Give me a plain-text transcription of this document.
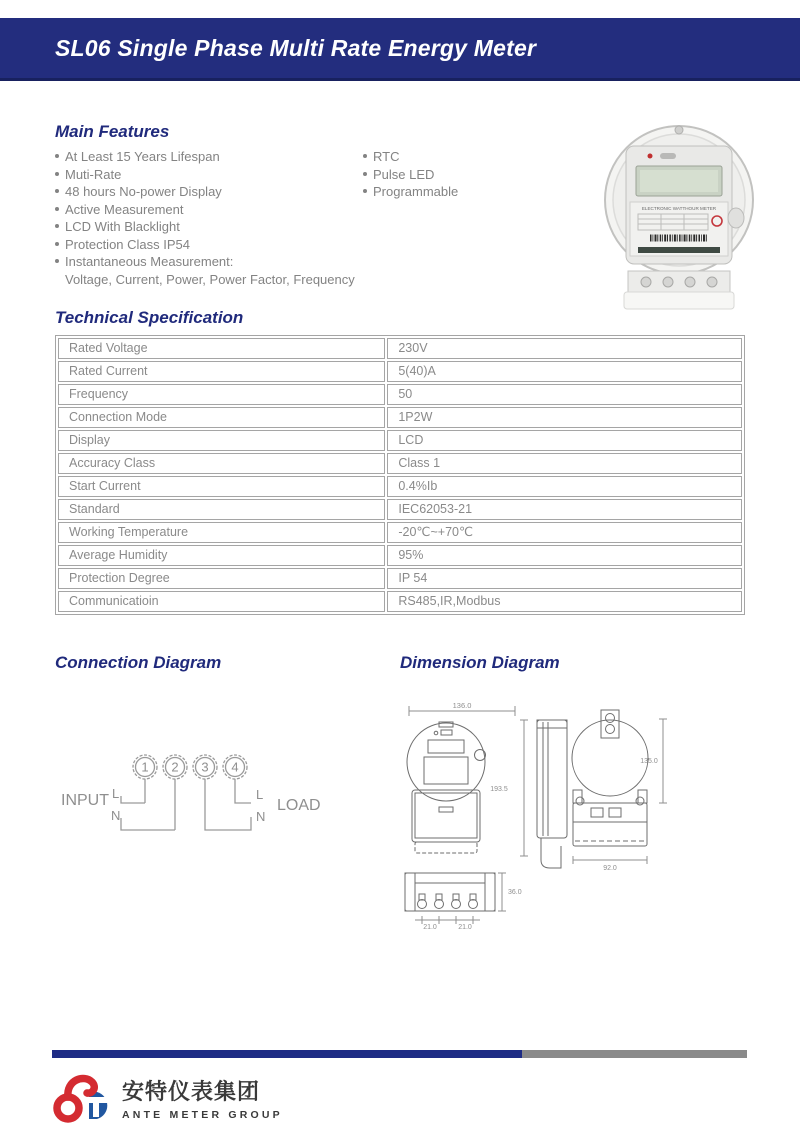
SL06 Single Phase Multi Rate Energy Meter
Main Features
At Least 15 Years Lifespan
Muti-Rate
48 hours No-power Display
Active Measurement
LCD With Blacklight
Protection Class IP54
Instantaneous Measurement:
Voltage, Current, Power, Power Factor, Frequency
RTC
Pulse LED
Programmable
ELECTRONIC WATTHOUR METER
Technical Specification
Rated Voltage	230V
Rated Current	5(40)A
Frequency	50
Connection Mode	1P2W
Display	LCD
Accuracy Class	Class 1
Start Current	0.4%Ib
Standard	IEC62053-21
Working Temperature	-20℃~+70℃
Average Humidity	95%
Protection Degree	IP 54
Communicatioin	RS485,IR,Modbus
Connection Diagram	Dimension Diagram
1 2 3 4
L
N
L
N
INPUT	LOAD
136.0
193.5
135.0
92.0
21.0	21.0
36.0
安特仪表集团
ANTE METER GROUP
